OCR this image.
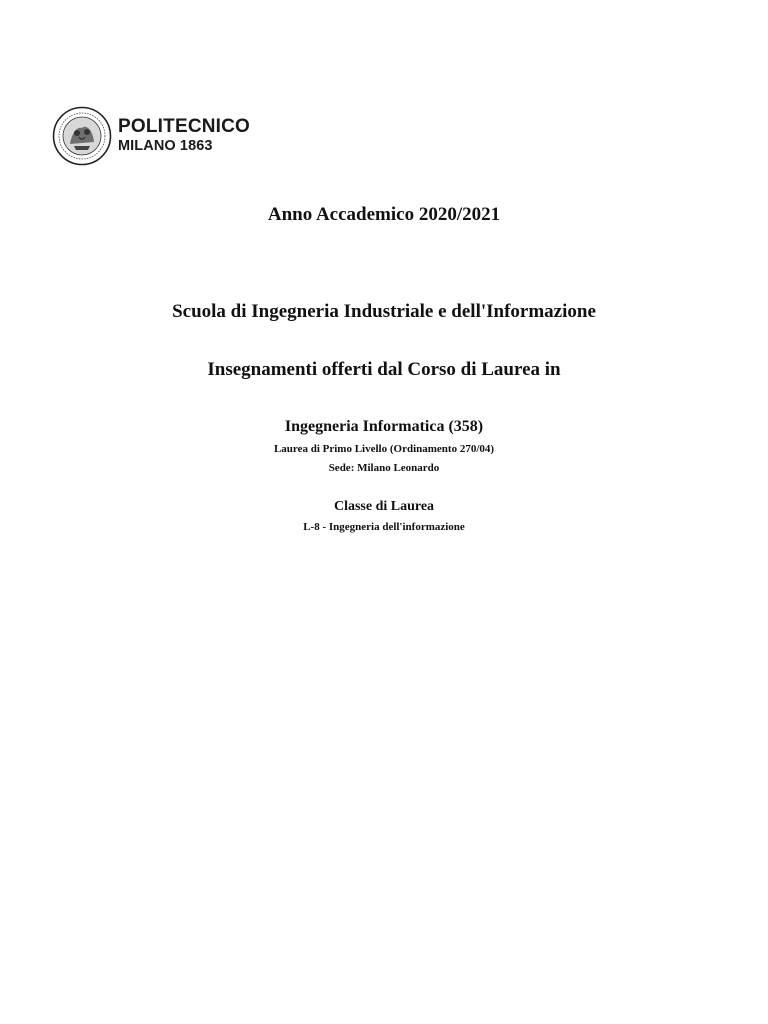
POLITECNICO
MILANO 1863
Anno Accademico 2020/2021
Scuola di Ingegneria Industriale e dell'Informazione
Insegnamenti offerti dal Corso di Laurea in
Ingegneria Informatica (358)
Laurea di Primo Livello (Ordinamento 270/04)
Sede: Milano Leonardo
Classe di Laurea
L-8 - Ingegneria dell'informazione
